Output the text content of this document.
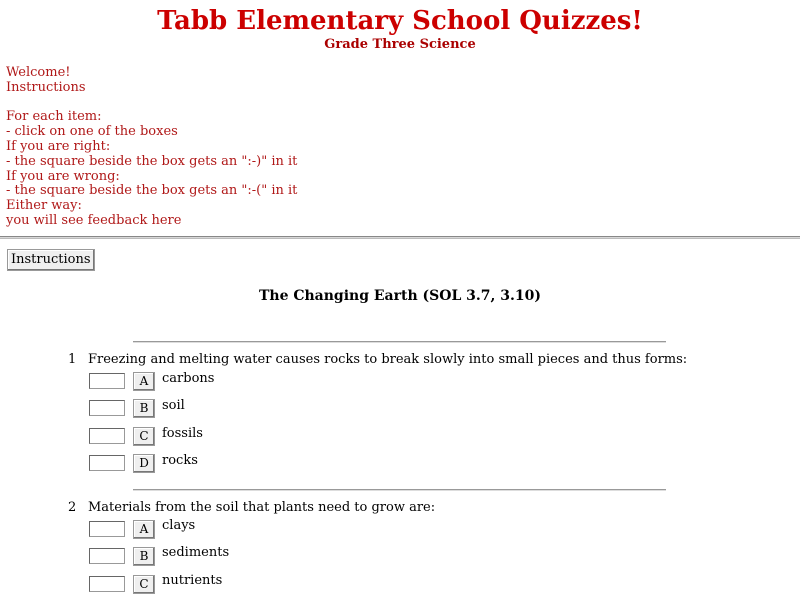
Tabb Elementary School Quizzes!
Grade Three Science
Welcome!
Instructions
For each item:
- click on one of the boxes
If you are right:
- the square beside the box gets an ":-)" in it
If you are wrong:
- the square beside the box gets an ":-(" in it
Either way:
you will see feedback here
Instructions
The Changing Earth (SOL 3.7, 3.10)
1 Freezing and melting water causes rocks to break slowly into small pieces and thus forms:
A	carbons
B	soil
C	fossils
D	rocks
2 Materials from the soil that plants need to grow are:
A	clays
B	sediments
C	nutrients
